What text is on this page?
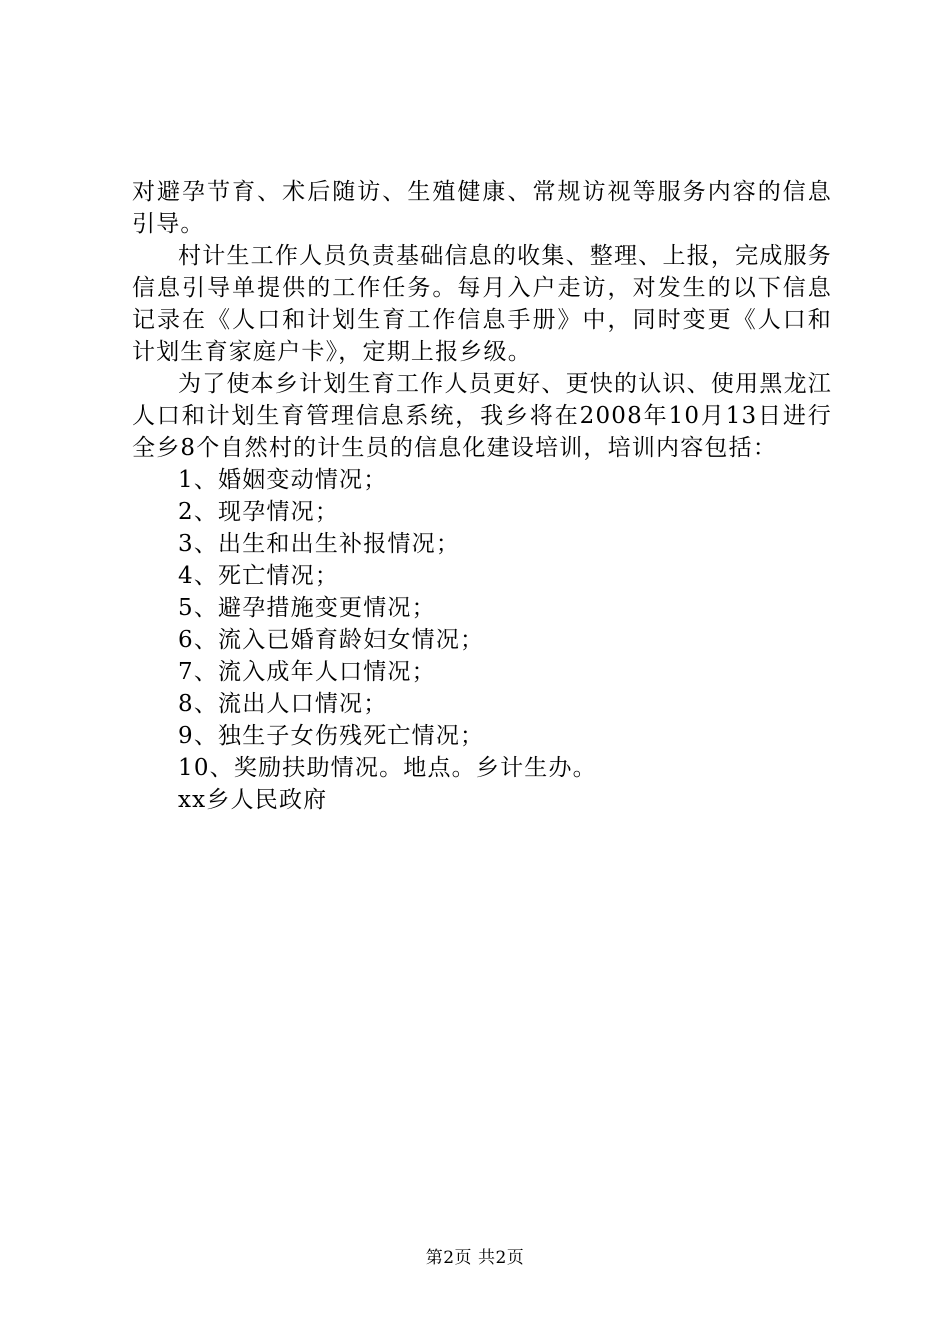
对避孕节育、术后随访、生殖健康、常规访视等服务内容的信息引导。

村计生工作人员负责基础信息的收集、整理、上报，完成服务信息引导单提供的工作任务。每月入户走访，对发生的以下信息记录在《人口和计划生育工作信息手册》中，同时变更《人口和计划生育家庭户卡》，定期上报乡级。

为了使本乡计划生育工作人员更好、更快的认识、使用黑龙江人口和计划生育管理信息系统，我乡将在2008年10月13日进行全乡8个自然村的计生员的信息化建设培训，培训内容包括：

1、婚姻变动情况；
2、现孕情况；
3、出生和出生补报情况；
4、死亡情况；
5、避孕措施变更情况；
6、流入已婚育龄妇女情况；
7、流入成年人口情况；
8、流出人口情况；
9、独生子女伤残死亡情况；
10、奖励扶助情况。地点。乡计生办。

xx乡人民政府

第2页 共2页
